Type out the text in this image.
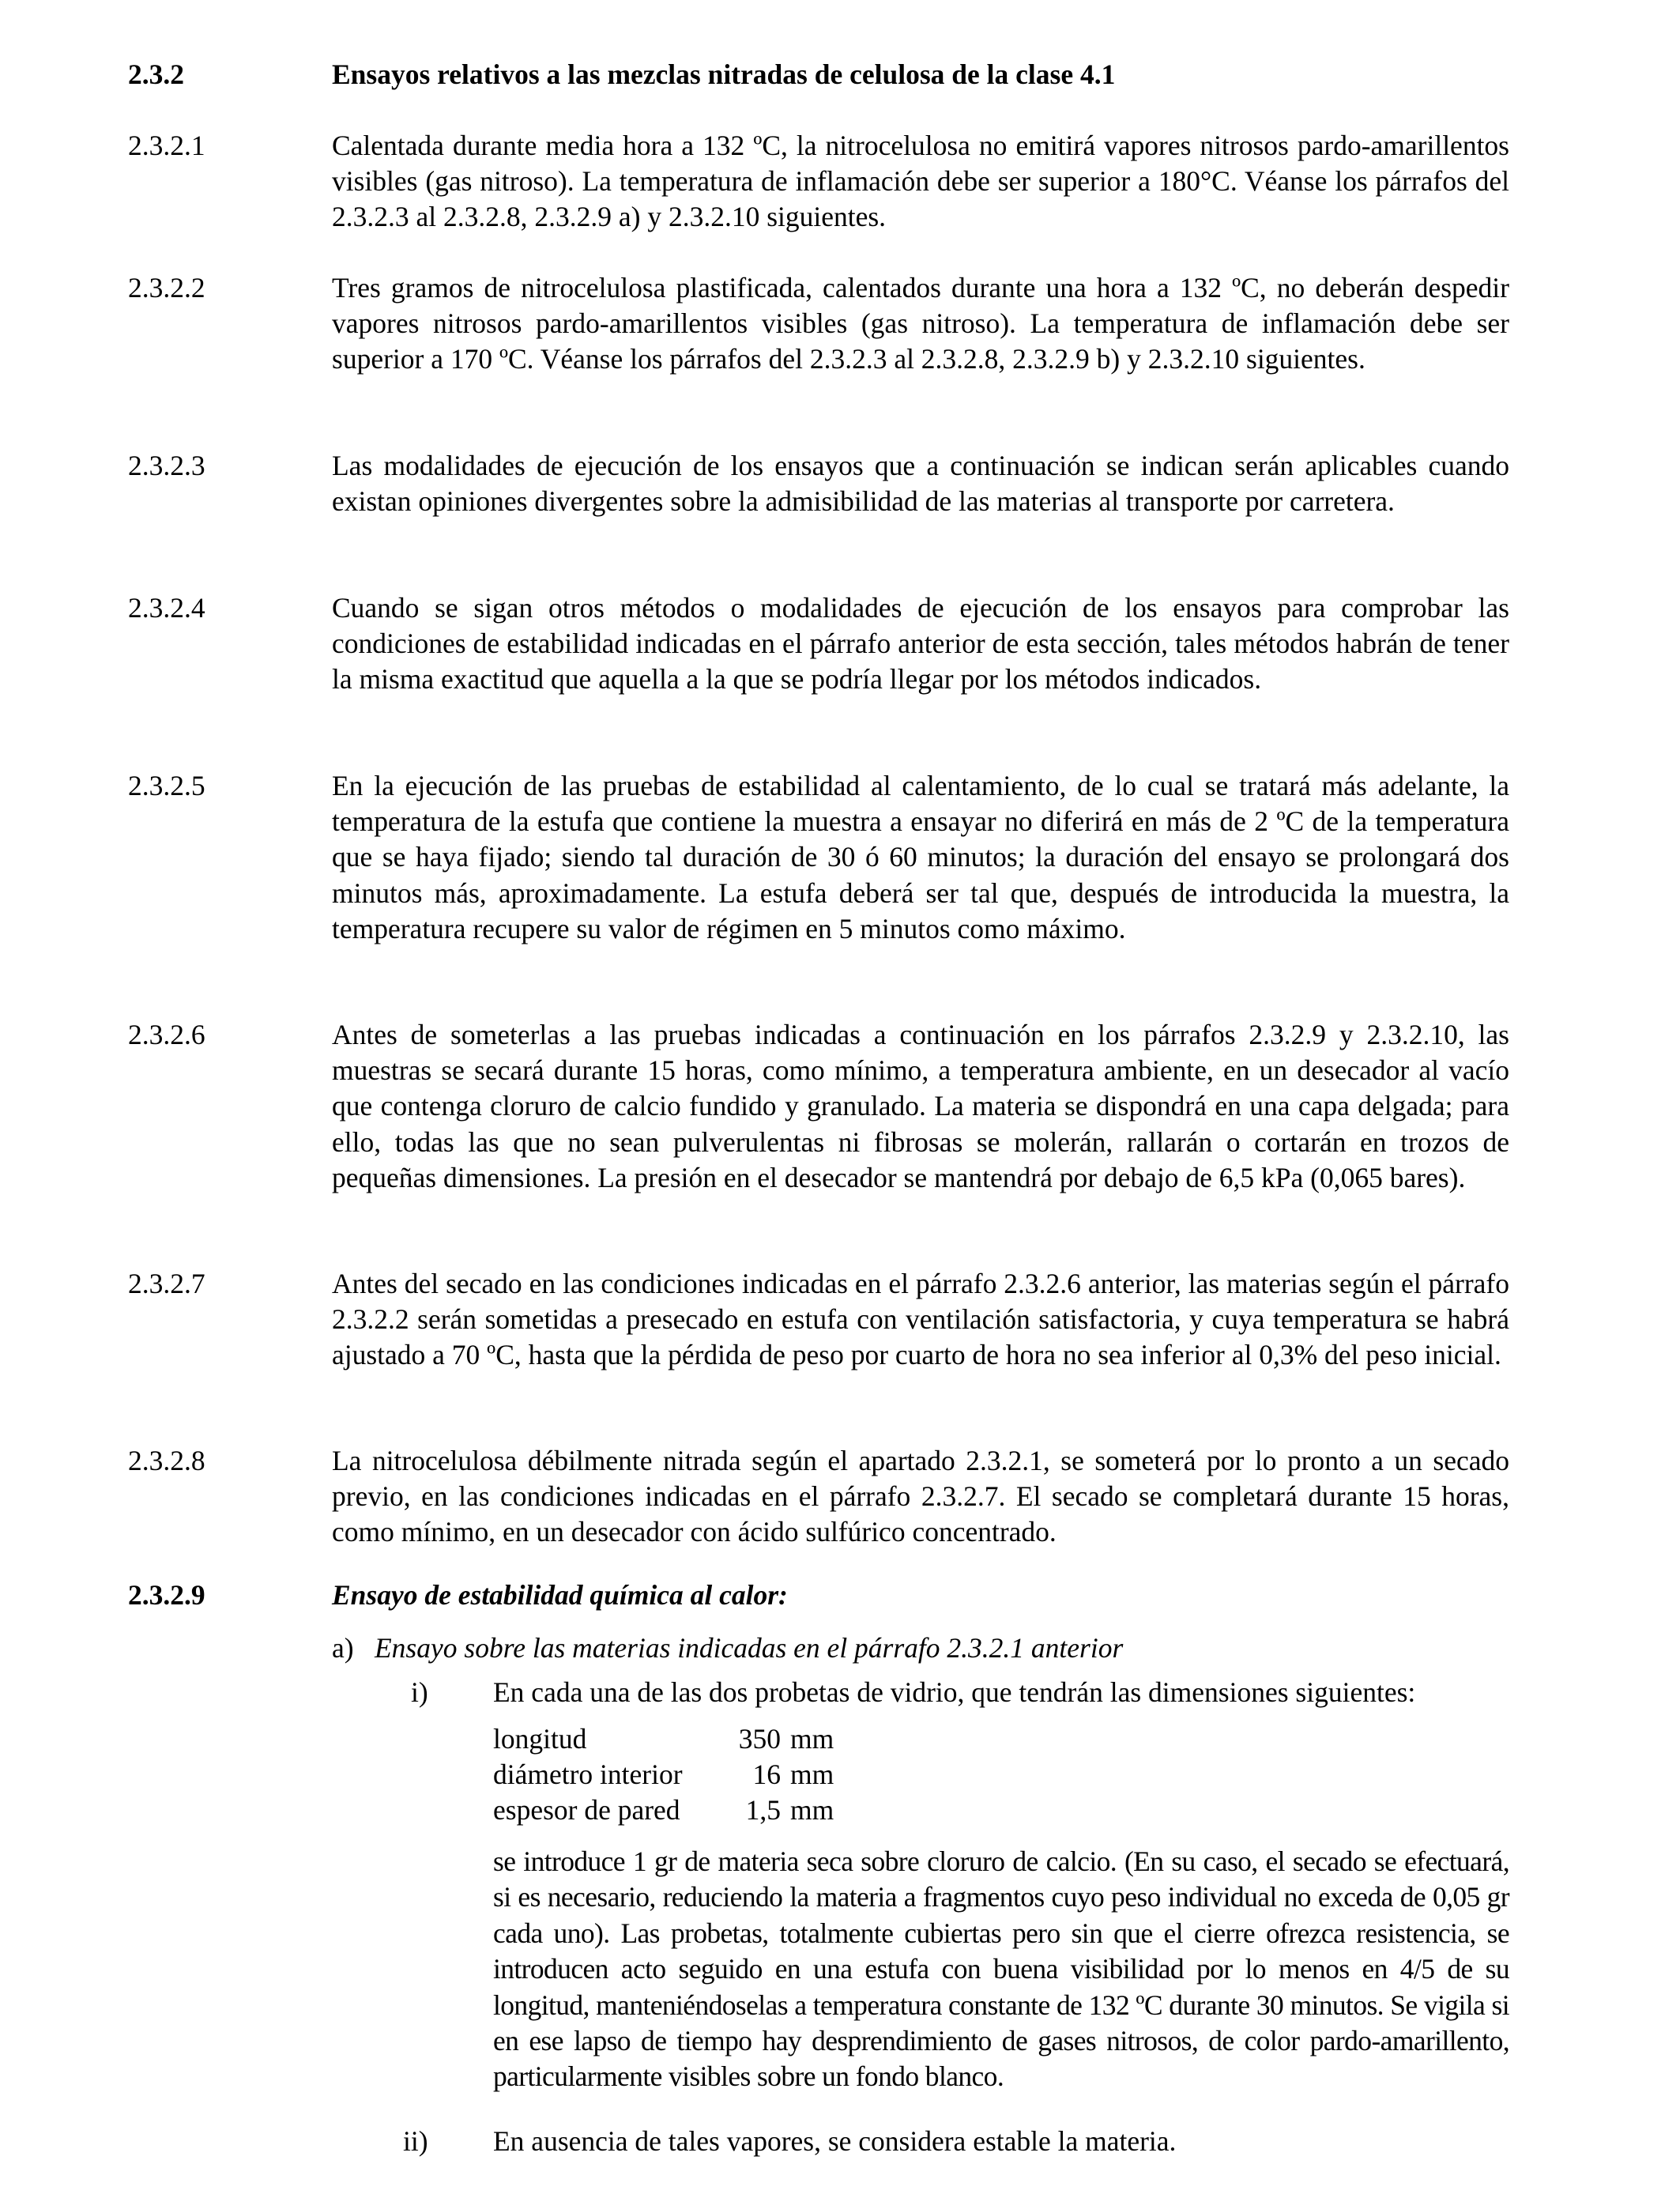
2.3.2	Ensayos relativos a las mezclas nitradas de celulosa de la clase 4.1
2.3.2.1	Calentada durante media hora a 132 ºC, la nitrocelulosa no emitirá vapores nitrosos pardo-amarillentos visibles (gas nitroso). La temperatura de inflamación debe ser superior a 180°C. Véanse los párrafos del 2.3.2.3 al 2.3.2.8, 2.3.2.9 a) y 2.3.2.10 siguientes.
2.3.2.2	Tres gramos de nitrocelulosa plastificada, calentados durante una hora a 132 ºC, no deberán despedir vapores nitrosos pardo-amarillentos visibles (gas nitroso). La temperatura de inflamación debe ser superior a 170 ºC. Véanse los párrafos del 2.3.2.3 al 2.3.2.8, 2.3.2.9 b) y 2.3.2.10 siguientes.
2.3.2.3	Las modalidades de ejecución de los ensayos que a continuación se indican serán aplicables cuando existan opiniones divergentes sobre la admisibilidad de las materias al transporte por carretera.
2.3.2.4	Cuando se sigan otros métodos o modalidades de ejecución de los ensayos para comprobar las condiciones de estabilidad indicadas en el párrafo anterior de esta sección, tales métodos habrán de tener la misma exactitud que aquella a la que se podría llegar por los métodos indicados.
2.3.2.5	En la ejecución de las pruebas de estabilidad al calentamiento, de lo cual se tratará más adelante, la temperatura de la estufa que contiene la muestra a ensayar no diferirá en más de 2 ºC de la temperatura que se haya fijado; siendo tal duración de 30 ó 60 minutos; la duración del ensayo se prolongará dos minutos más, aproximadamente. La estufa deberá ser tal que, después de introducida la muestra, la temperatura recupere su valor de régimen en 5 minutos como máximo.
2.3.2.6	Antes de someterlas a las pruebas indicadas a continuación en los párrafos 2.3.2.9 y 2.3.2.10, las muestras se secará durante 15 horas, como mínimo, a temperatura ambiente, en un desecador al vacío que contenga cloruro de calcio fundido y granulado. La materia se dispondrá en una capa delgada; para ello, todas las que no sean pulverulentas ni fibrosas se molerán, rallarán o cortarán en trozos de pequeñas dimensiones. La presión en el desecador se mantendrá por debajo de 6,5 kPa (0,065 bares).
2.3.2.7	Antes del secado en las condiciones indicadas en el párrafo 2.3.2.6 anterior, las materias según el párrafo 2.3.2.2 serán sometidas a presecado en estufa con ventilación satisfactoria, y cuya temperatura se habrá ajustado a 70 ºC, hasta que la pérdida de peso por cuarto de hora no sea inferior al 0,3% del peso inicial.
2.3.2.8	La nitrocelulosa débilmente nitrada según el apartado 2.3.2.1, se someterá por lo pronto a un secado previo, en las condiciones indicadas en el párrafo 2.3.2.7. El secado se completará durante 15 horas, como mínimo, en un desecador con ácido sulfúrico concentrado.
2.3.2.9	Ensayo de estabilidad química al calor:
a) Ensayo sobre las materias indicadas en el párrafo 2.3.2.1 anterior
i) En cada una de las dos probetas de vidrio, que tendrán las dimensiones siguientes:
longitud	350 mm
diámetro interior	16 mm
espesor de pared	1,5 mm
se introduce 1 gr de materia seca sobre cloruro de calcio. (En su caso, el secado se efectuará, si es necesario, reduciendo la materia a fragmentos cuyo peso individual no exceda de 0,05 gr cada uno). Las probetas, totalmente cubiertas pero sin que el cierre ofrezca resistencia, se introducen acto seguido en una estufa con buena visibilidad por lo menos en 4/5 de su longitud, manteniéndoselas a temperatura constante de 132 ºC durante 30 minutos. Se vigila si en ese lapso de tiempo hay desprendimiento de gases nitrosos, de color pardo-amarillento, particularmente visibles sobre un fondo blanco.
ii) En ausencia de tales vapores, se considera estable la materia.
